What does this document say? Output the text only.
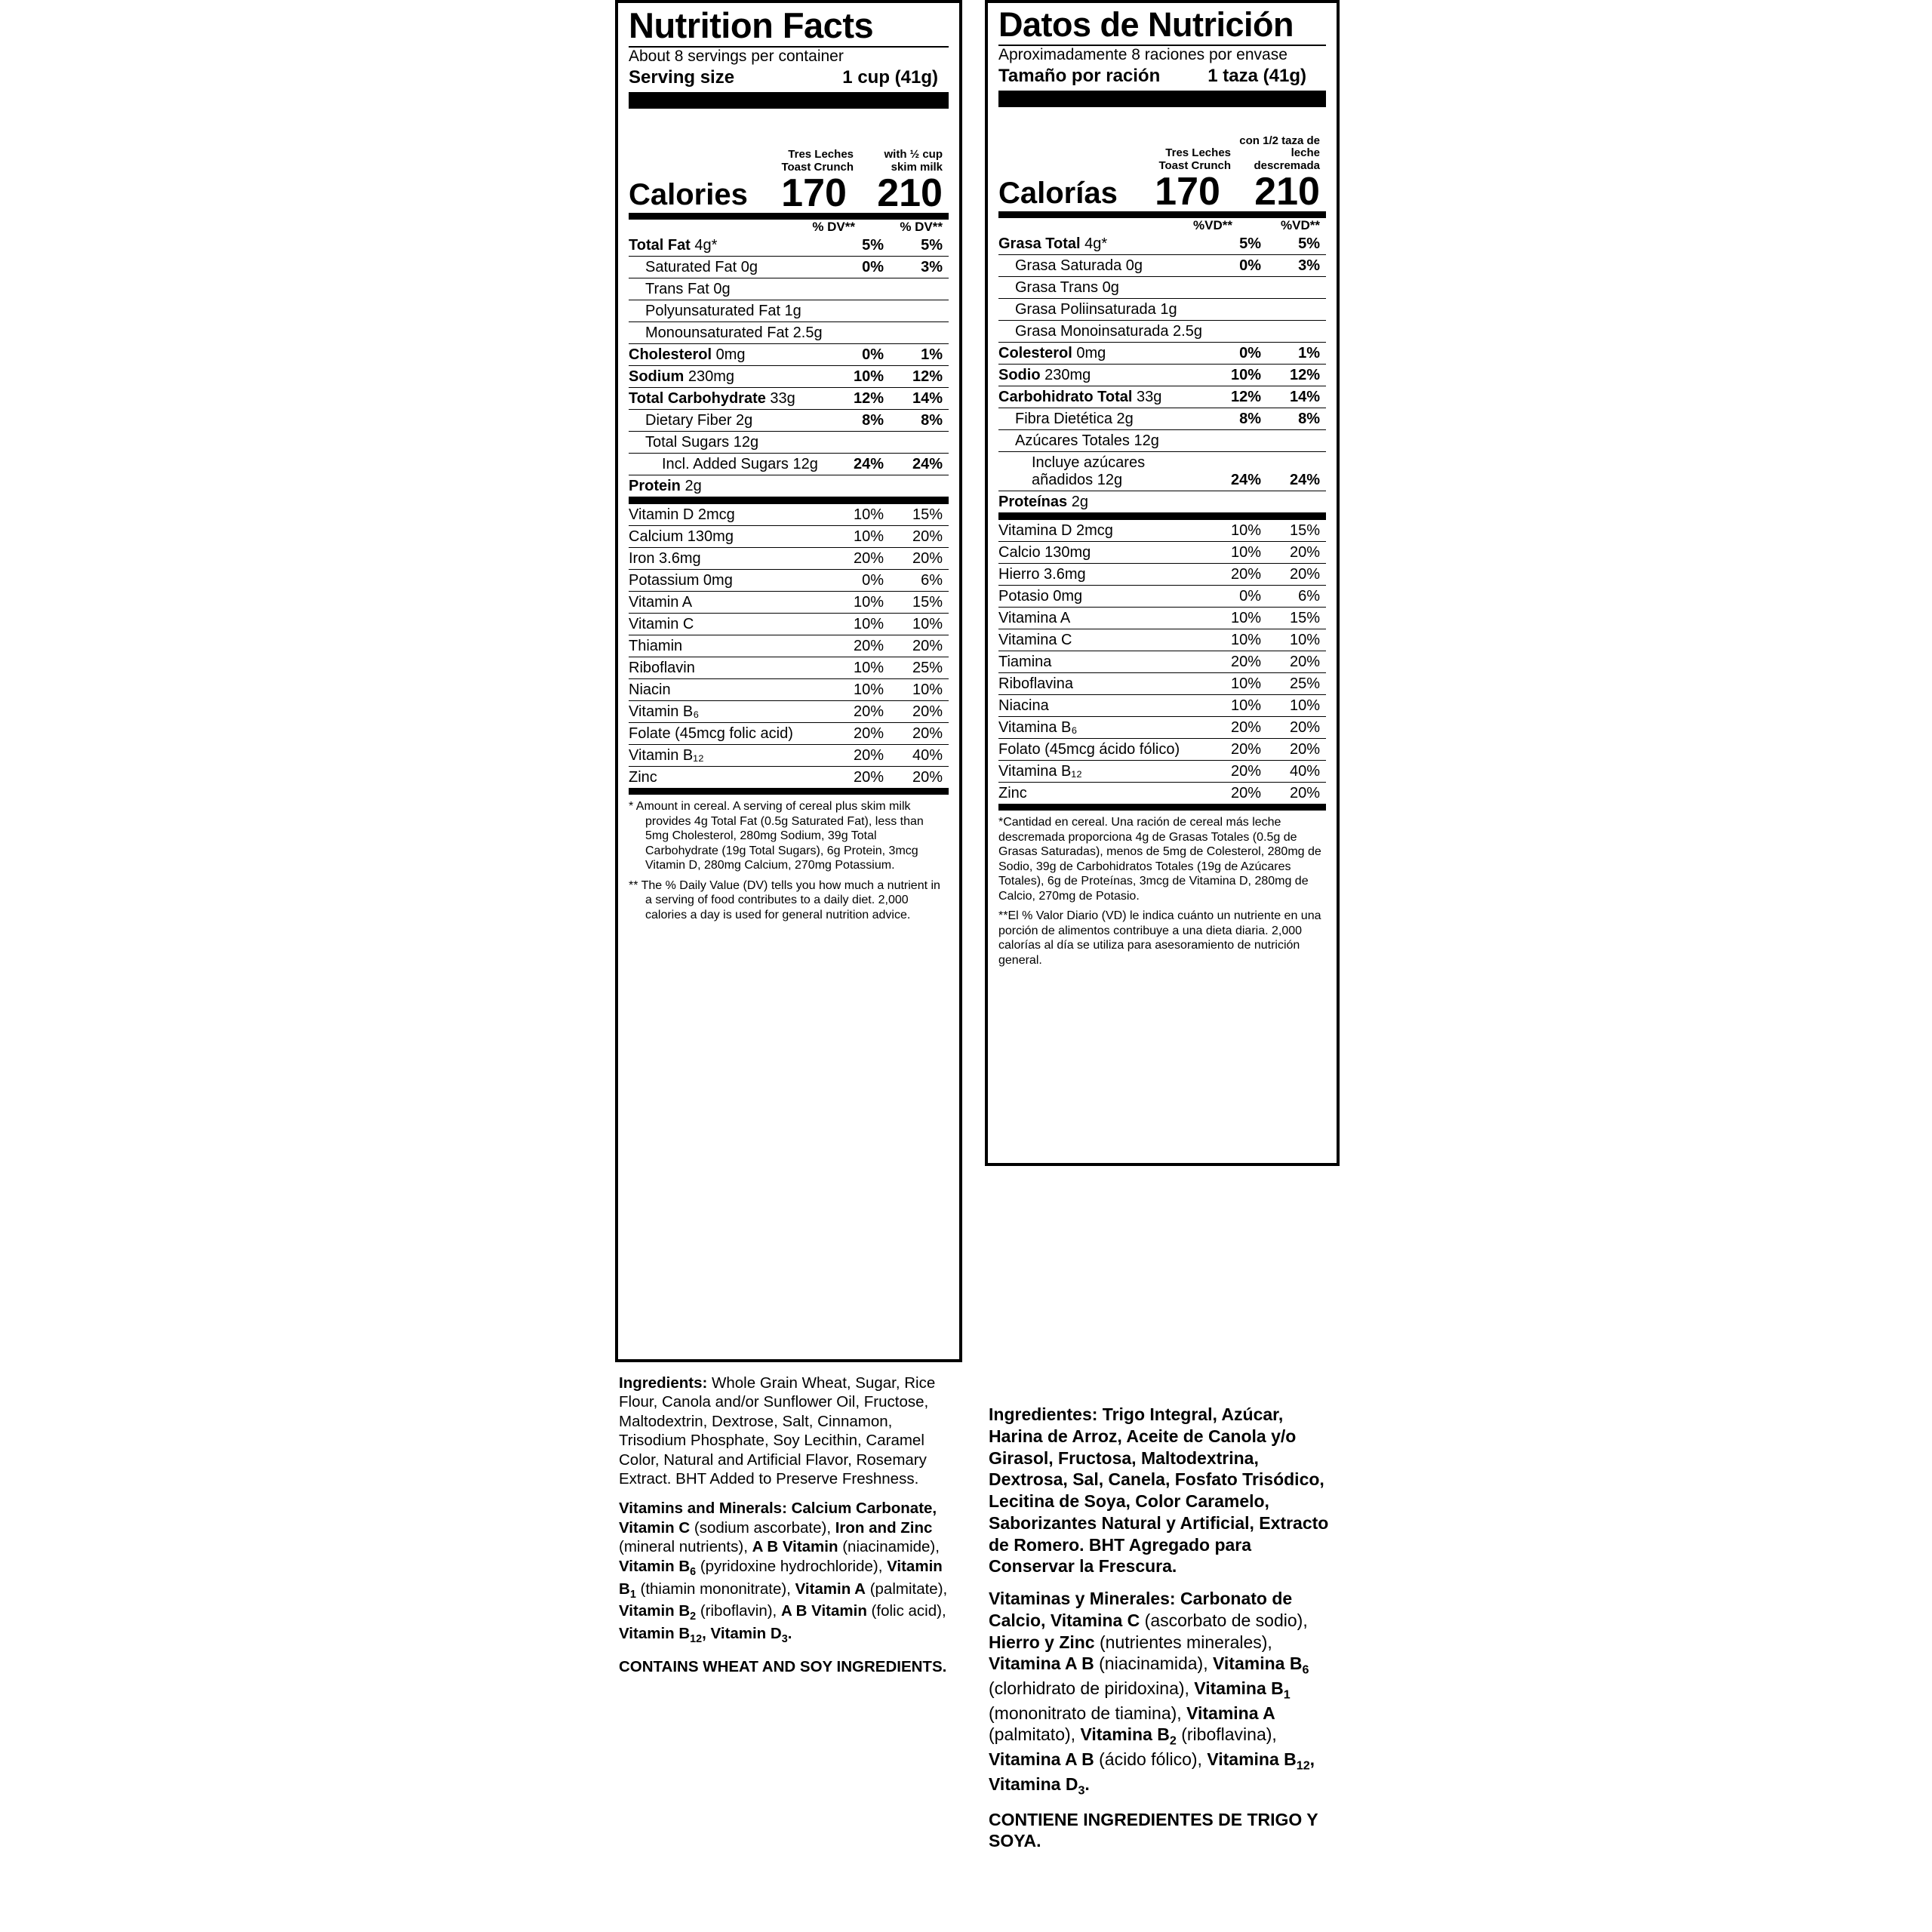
Nutrition Facts
About 8 servings per container
Serving size	1 cup (41g)
Tres Leches Toast Crunch
with ½ cup skim milk
Calories 170 210
% DV**	% DV**
Total Fat 4g*	5%	5%
Saturated Fat 0g	0%	3%
Trans Fat 0g		
Polyunsaturated Fat 1g		
Monounsaturated Fat 2.5g		
Cholesterol 0mg	0%	1%
Sodium 230mg	10%	12%
Total Carbohydrate 33g	12%	14%
Dietary Fiber 2g	8%	8%
Total Sugars 12g		
Incl. Added Sugars 12g	24%	24%
Protein 2g		
Vitamin D 2mcg	10%	15%
Calcium 130mg	10%	20%
Iron 3.6mg	20%	20%
Potassium 0mg	0%	6%
Vitamin A	10%	15%
Vitamin C	10%	10%
Thiamin	20%	20%
Riboflavin	10%	25%
Niacin	10%	10%
Vitamin B₆	20%	20%
Folate (45mcg folic acid)	20%	20%
Vitamin B₁₂	20%	40%
Zinc	20%	20%

* Amount in cereal. A serving of cereal plus skim milk provides 4g Total Fat (0.5g Saturated Fat), less than 5mg Cholesterol, 280mg Sodium, 39g Total Carbohydrate (19g Total Sugars), 6g Protein, 3mcg Vitamin D, 280mg Calcium, 270mg Potassium.

** The % Daily Value (DV) tells you how much a nutrient in a serving of food contributes to a daily diet. 2,000 calories a day is used for general nutrition advice.

Datos de Nutrición
Aproximadamente 8 raciones por envase
Tamaño por ración	1 taza (41g)
Tres Leches Toast Crunch
con 1/2 taza de leche descremada
Calorías 170 210
%VD**	%VD**
Grasa Total 4g*	5%	5%
Grasa Saturada 0g	0%	3%
Grasa Trans 0g		
Grasa Poliinsaturada 1g		
Grasa Monoinsaturada 2.5g		
Colesterol 0mg	0%	1%
Sodio 230mg	10%	12%
Carbohidrato Total 33g	12%	14%
Fibra Dietética 2g	8%	8%
Azúcares Totales 12g		
Incluye azúcares añadidos 12g	24%	24%
Proteínas 2g		
Vitamina D 2mcg	10%	15%
Calcio 130mg	10%	20%
Hierro 3.6mg	20%	20%
Potasio 0mg	0%	6%
Vitamina A	10%	15%
Vitamina C	10%	10%
Tiamina	20%	20%
Riboflavina	10%	25%
Niacina	10%	10%
Vitamina B₆	20%	20%
Folato (45mcg ácido fólico)	20%	20%
Vitamina B₁₂	20%	40%
Zinc	20%	20%

*Cantidad en cereal. Una ración de cereal más leche descremada proporciona 4g de Grasas Totales (0.5g de Grasas Saturadas), menos de 5mg de Colesterol, 280mg de Sodio, 39g de Carbohidratos Totales (19g de Azúcares Totales), 6g de Proteínas, 3mcg de Vitamina D, 280mg de Calcio, 270mg de Potasio.

**El % Valor Diario (VD) le indica cuánto un nutriente en una porción de alimentos contribuye a una dieta diaria. 2,000 calorías al día se utiliza para asesoramiento de nutrición general.

Ingredients: Whole Grain Wheat, Sugar, Rice Flour, Canola and/or Sunflower Oil, Fructose, Maltodextrin, Dextrose, Salt, Cinnamon, Trisodium Phosphate, Soy Lecithin, Caramel Color, Natural and Artificial Flavor, Rosemary Extract. BHT Added to Preserve Freshness.

Vitamins and Minerals: Calcium Carbonate, Vitamin C (sodium ascorbate), Iron and Zinc (mineral nutrients), A B Vitamin (niacinamide), Vitamin $B_6$ (pyridoxine hydrochloride), Vitamin $B_1$ (thiamin mononitrate), Vitamin A (palmitate), Vitamin $B_2$ (riboflavin), A B Vitamin (folic acid), Vitamin $B_{12}$, Vitamin $D_3$.

CONTAINS WHEAT AND SOY INGREDIENTS.

Ingredientes: Trigo Integral, Azúcar, Harina de Arroz, Aceite de Canola y/o Girasol, Fructosa, Maltodextrina, Dextrosa, Sal, Canela, Fosfato Trisódico, Lecitina de Soya, Color Caramelo, Saborizantes Natural y Artificial, Extracto de Romero. BHT Agregado para Conservar la Frescura.

Vitaminas y Minerales: Carbonato de Calcio, Vitamina C (ascorbato de sodio), Hierro y Zinc (nutrientes minerales), Vitamina A B (niacinamida), Vitamina $B_6$ (clorhidrato de piridoxina), Vitamina $B_1$ (mononitrato de tiamina), Vitamina A (palmitato), Vitamina $B_2$ (riboflavina), Vitamina A B (ácido fólico), Vitamina $B_{12}$, Vitamina $D_3$.

CONTIENE INGREDIENTES DE TRIGO Y SOYA.
